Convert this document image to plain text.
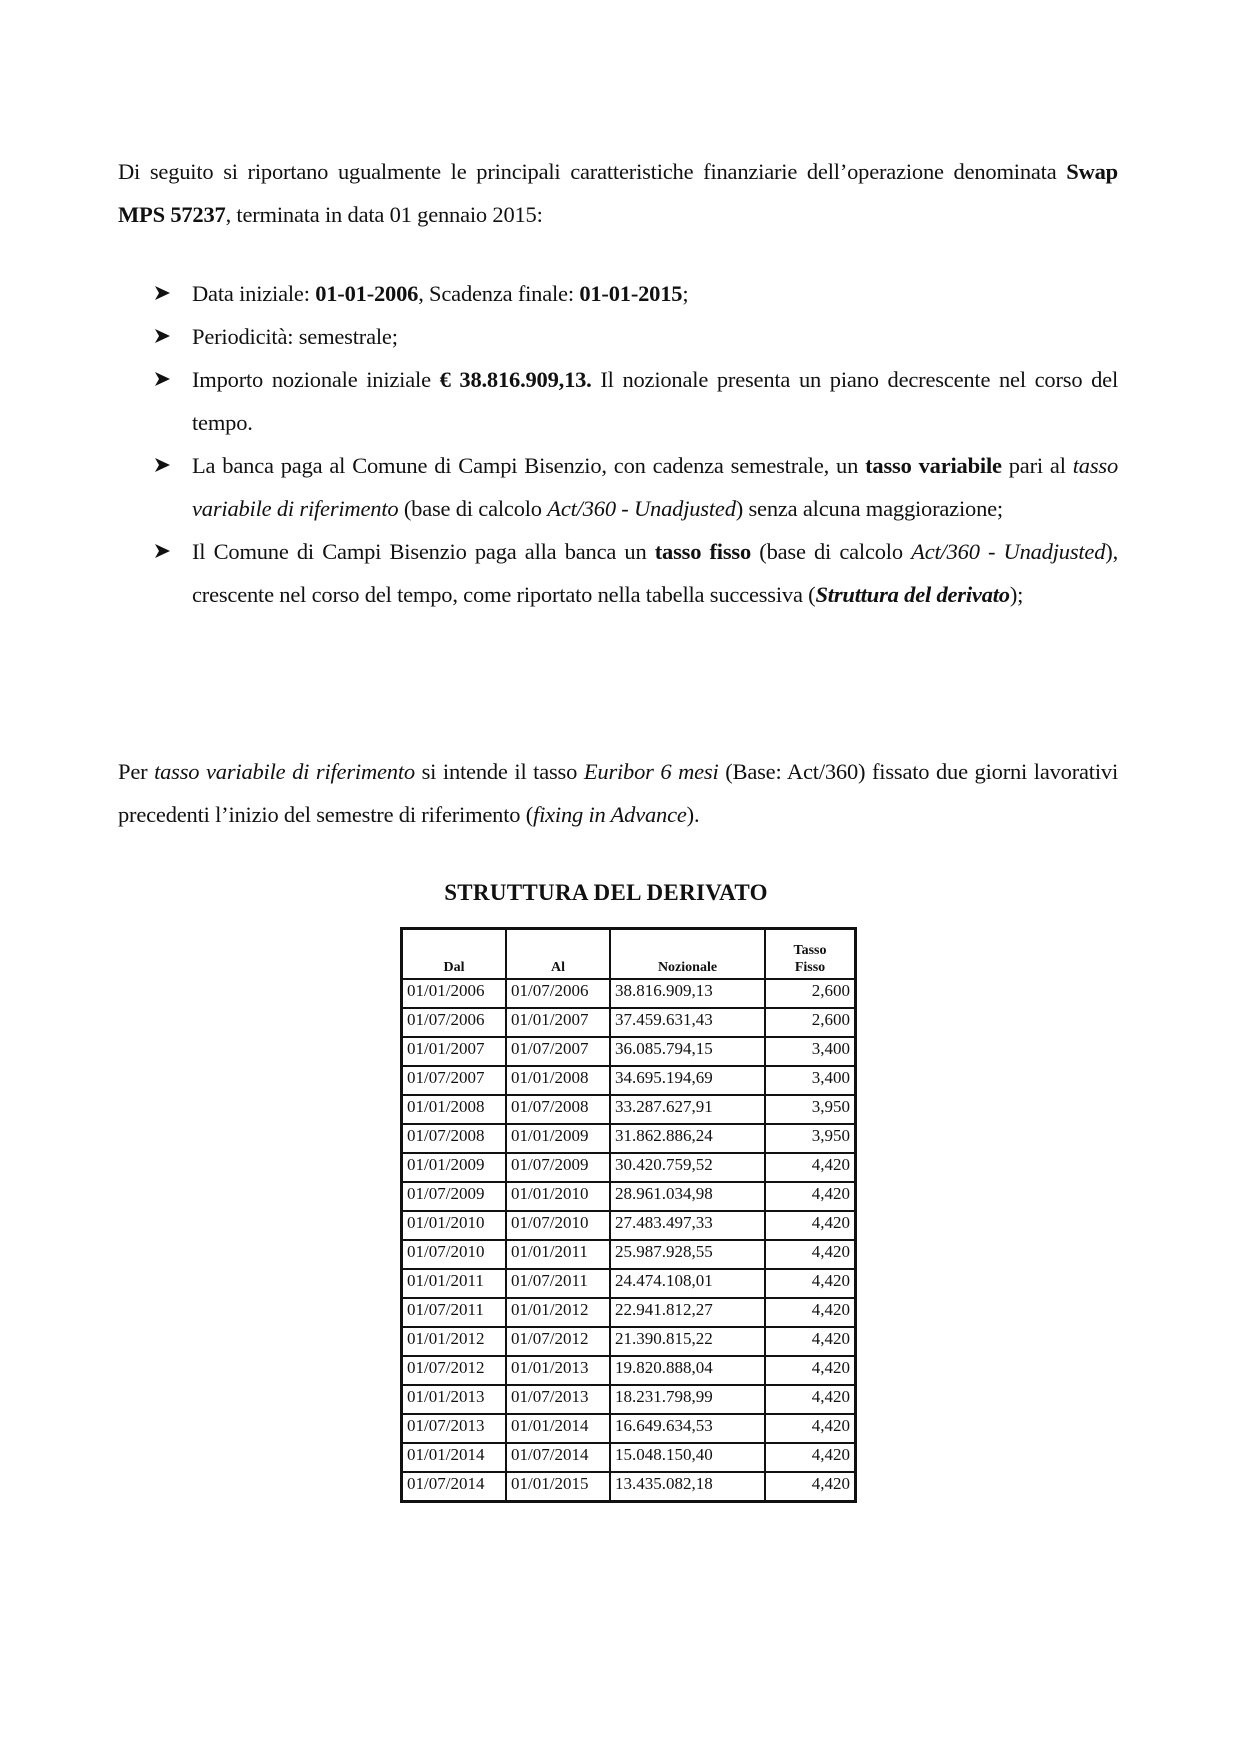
Di seguito si riportano ugualmente le principali caratteristiche finanziarie dell’operazione denominata Swap MPS 57237, terminata in data 01 gennaio 2015:

Data iniziale: 01-01-2006, Scadenza finale: 01-01-2015;
Periodicità: semestrale;
Importo nozionale iniziale € 38.816.909,13. Il nozionale presenta un piano decrescente nel corso del tempo.
La banca paga al Comune di Campi Bisenzio, con cadenza semestrale, un tasso variabile pari al tasso variabile di riferimento (base di calcolo Act/360 - Unadjusted) senza alcuna maggiorazione;
Il Comune di Campi Bisenzio paga alla banca un tasso fisso (base di calcolo Act/360 - Unadjusted), crescente nel corso del tempo, come riportato nella tabella successiva (Struttura del derivato);

Per tasso variabile di riferimento si intende il tasso Euribor 6 mesi (Base: Act/360) fissato due giorni lavorativi precedenti l’inizio del semestre di riferimento (fixing in Advance).

STRUTTURA DEL DERIVATO
Dal	Al	Nozionale	Tasso
Fisso
01/01/2006	01/07/2006	38.816.909,13	2,600
01/07/2006	01/01/2007	37.459.631,43	2,600
01/01/2007	01/07/2007	36.085.794,15	3,400
01/07/2007	01/01/2008	34.695.194,69	3,400
01/01/2008	01/07/2008	33.287.627,91	3,950
01/07/2008	01/01/2009	31.862.886,24	3,950
01/01/2009	01/07/2009	30.420.759,52	4,420
01/07/2009	01/01/2010	28.961.034,98	4,420
01/01/2010	01/07/2010	27.483.497,33	4,420
01/07/2010	01/01/2011	25.987.928,55	4,420
01/01/2011	01/07/2011	24.474.108,01	4,420
01/07/2011	01/01/2012	22.941.812,27	4,420
01/01/2012	01/07/2012	21.390.815,22	4,420
01/07/2012	01/01/2013	19.820.888,04	4,420
01/01/2013	01/07/2013	18.231.798,99	4,420
01/07/2013	01/01/2014	16.649.634,53	4,420
01/01/2014	01/07/2014	15.048.150,40	4,420
01/07/2014	01/01/2015	13.435.082,18	4,420
